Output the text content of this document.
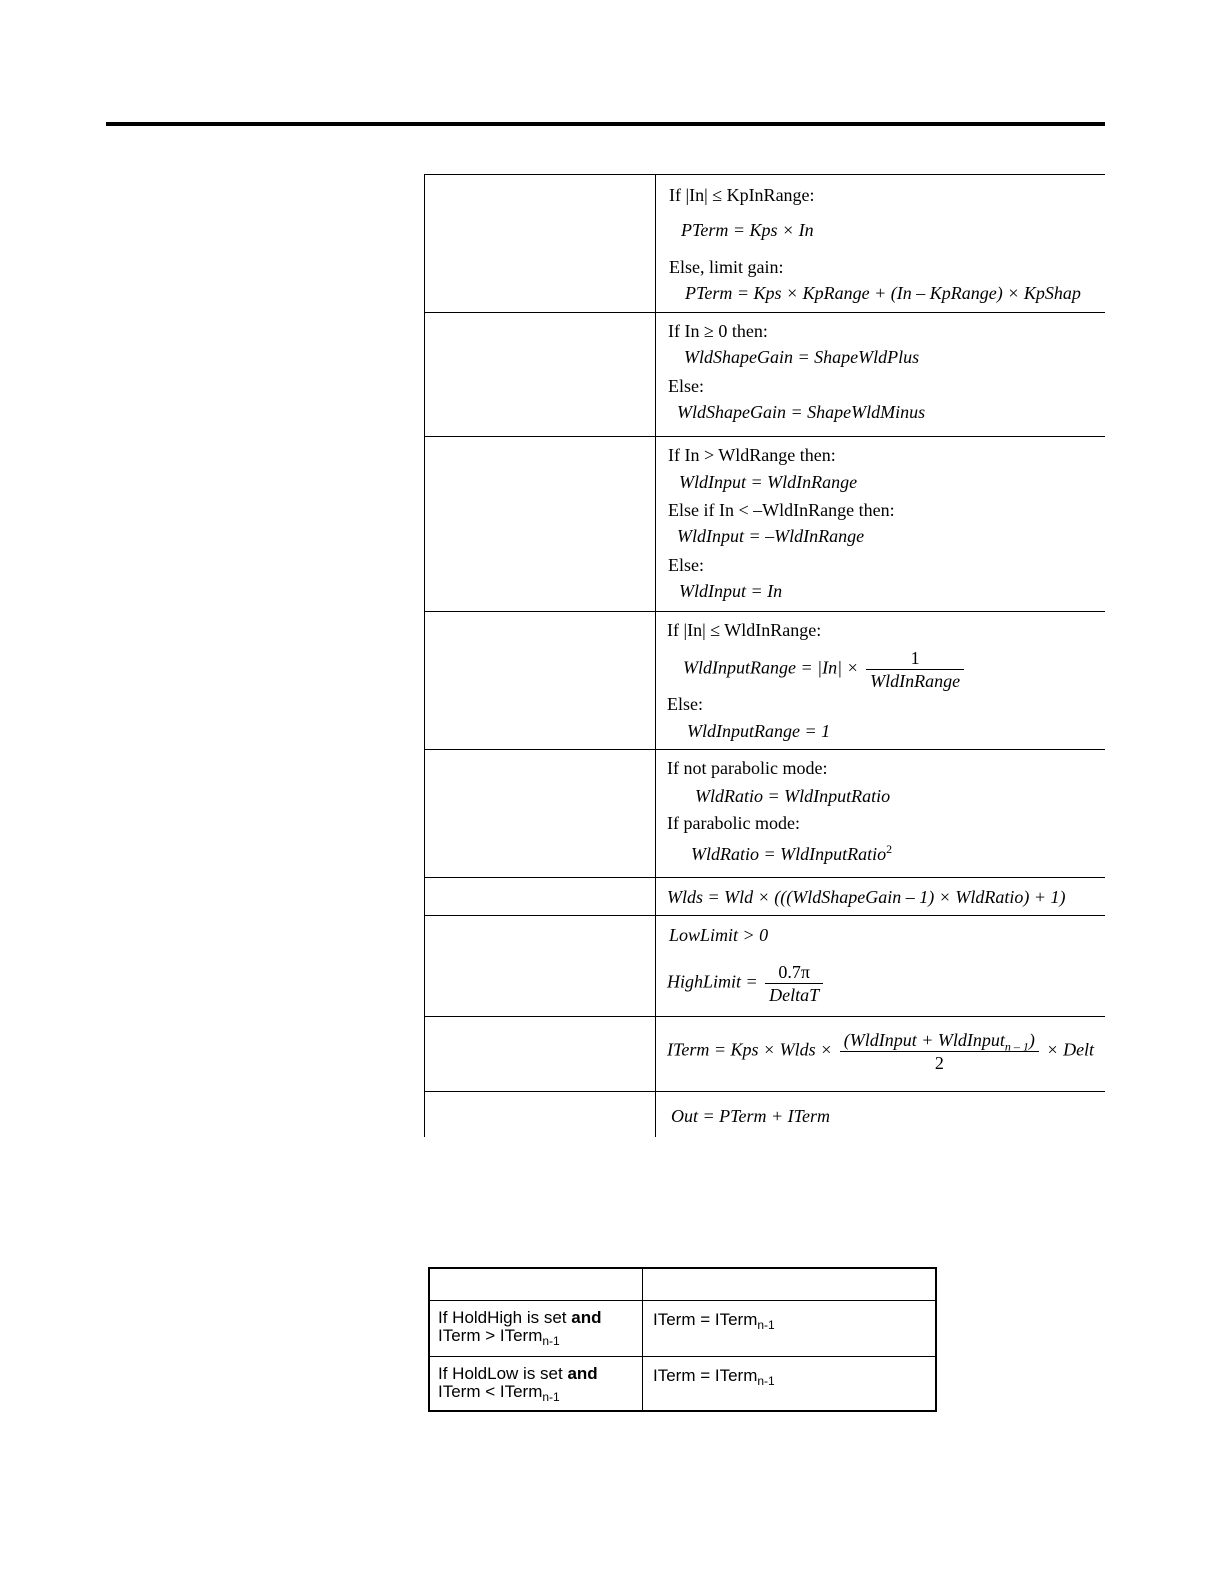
If |In| ≤ KpInRange:
PTerm = Kps × In
Else, limit gain:
PTerm = Kps × KpRange + (In – KpRange) × KpShap
If In ≥ 0 then:
WldShapeGain = ShapeWldPlus
Else:
WldShapeGain = ShapeWldMinus
If In > WldRange then:
WldInput = WldInRange
Else if In < –WldInRange then:
WldInput = –WldInRange
Else:
WldInput = In
If |In| ≤ WldInRange:
WldInputRange = $|In| \times \frac{1}{\text{WldInRange}}$
Else:
WldInputRange = 1
If not parabolic mode:
WldRatio = WldInputRatio
If parabolic mode:
WldRatio = WldInputRatio$^2$
Wlds = Wld × (((WldShapeGain – 1) × WldRatio) + 1)
LowLimit > 0
HighLimit = $\frac{0.7\pi}{\text{DeltaT}}$
ITerm = Kps × Wlds × $\frac{(WldInput + WldInput_{n - 1})}{2}$ × Delt
Out = PTerm + ITerm
If HoldHigh is set and
ITerm > ITerm$_{n-1}$
ITerm = ITerm$_{n-1}$
If HoldLow is set and
ITerm < ITerm$_{n-1}$
ITerm = ITerm$_{n-1}$
